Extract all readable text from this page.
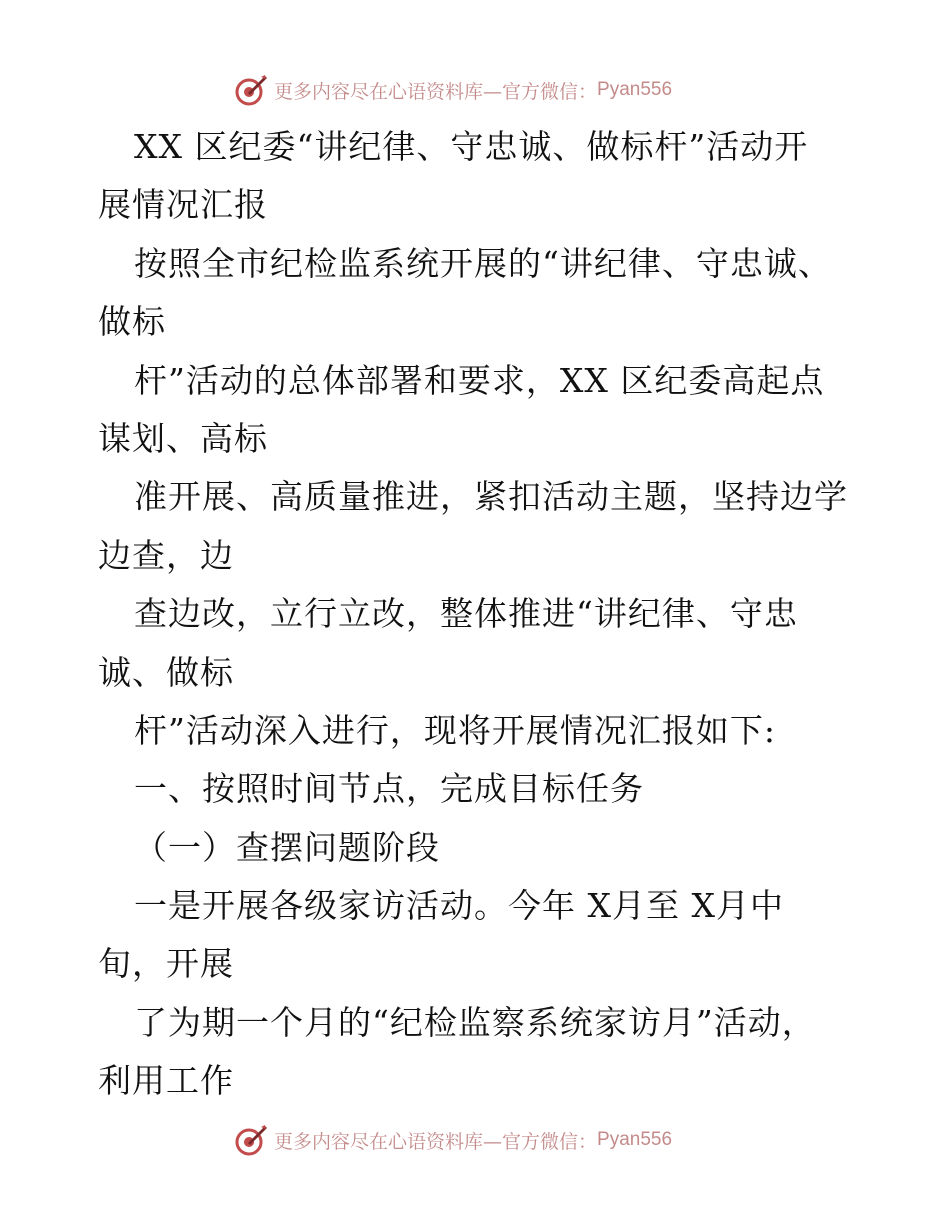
更多内容尽在心语资料库— 官方微信： Pyan556
XX 区纪委“讲纪律、守忠诚、做标杆”活动开
展情况汇报
按照全市纪检监系统开展的“讲纪律、守忠诚、
做标
杆”活动的总体部署和要求，XX 区纪委高起点
谋划、高标
准开展、高质量推进，紧扣活动主题，坚持边学
边查，边
查边改，立行立改，整体推进“讲纪律、守忠
诚、做标
杆”活动深入进行，现将开展情况汇报如下:
一、按照时间节点，完成目标任务
（一）查摆问题阶段
一是开展各级家访活动。今年 X月至 X月中
旬，开展
了为期一个月的“纪检监察系统家访月”活动，
利用工作
更多内容尽在心语资料库— 官方微信： Pyan556
